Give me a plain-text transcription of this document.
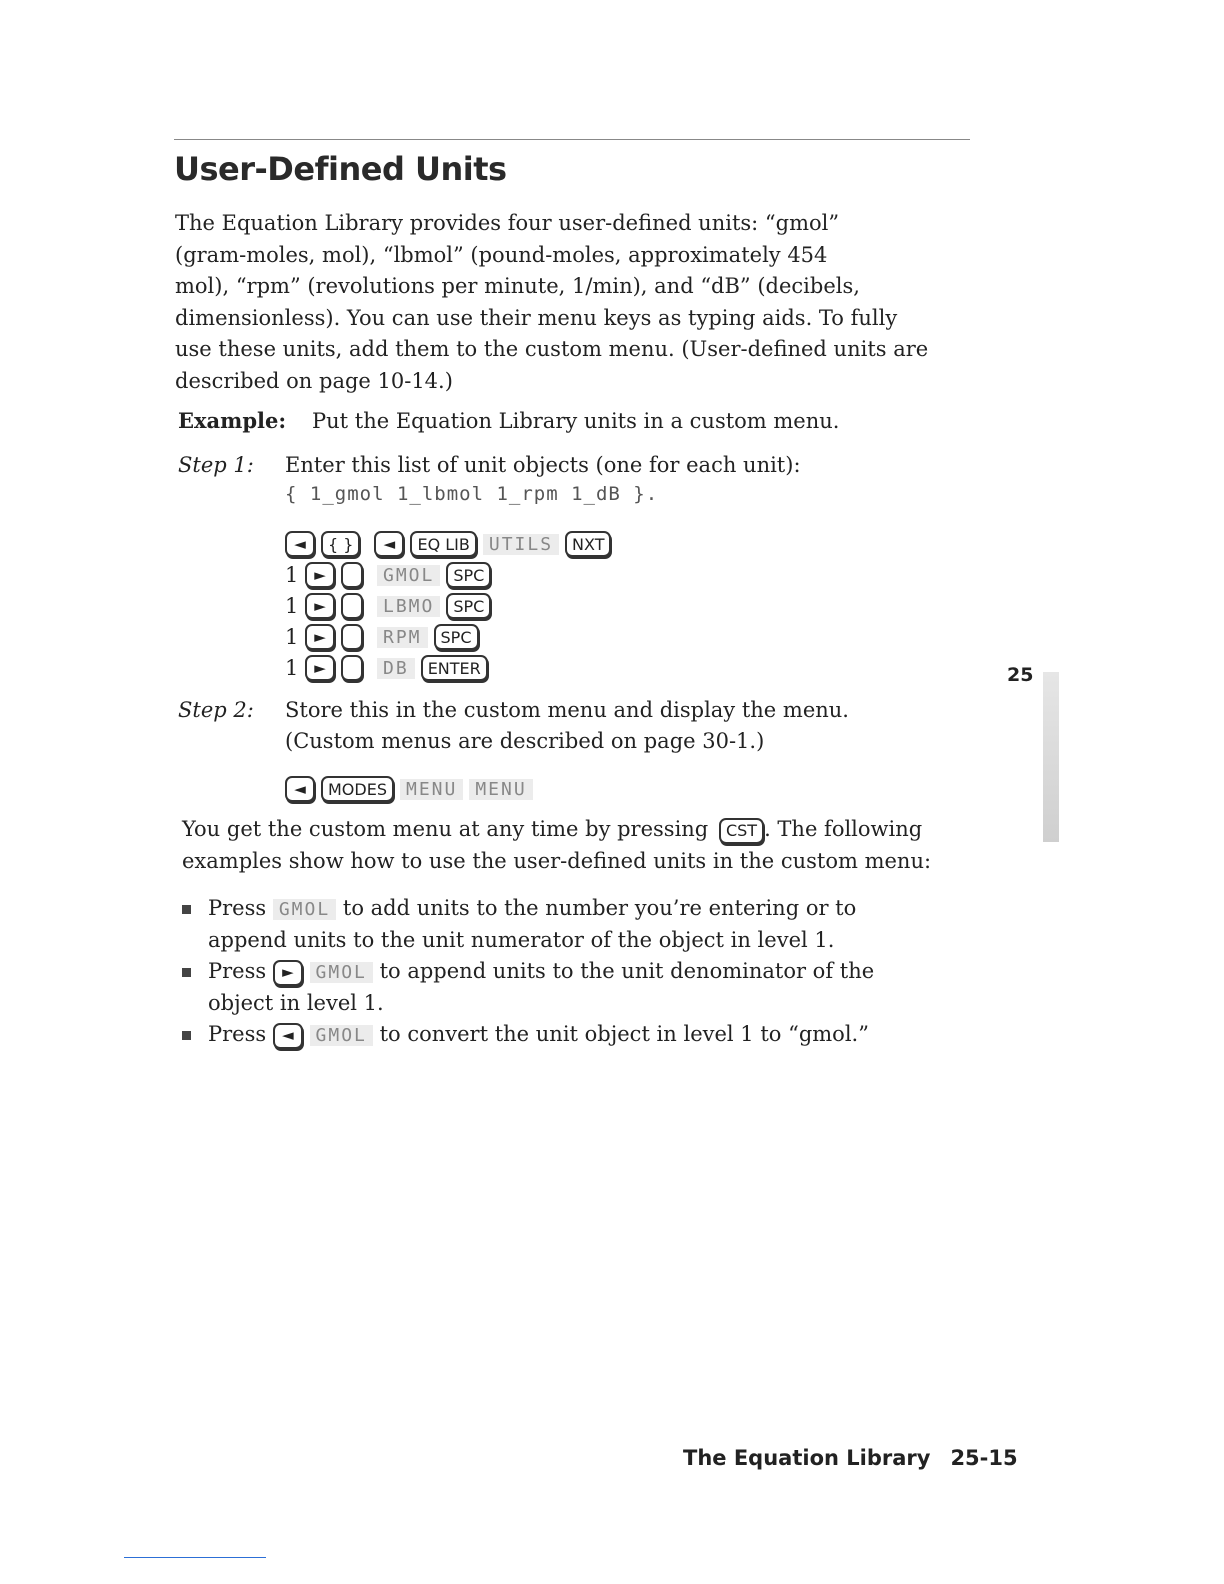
User-Defined Units

The Equation Library provides four user-defined units: “gmol”
(gram-moles, mol), “lbmol” (pound-moles, approximately 454
mol), “rpm” (revolutions per minute, 1/min), and “dB” (decibels,
dimensionless). You can use their menu keys as typing aids. To fully
use these units, add them to the custom menu. (User-defined units are
described on page 10-14.)

Example: Put the Equation Library units in a custom menu.
Step 1: Enter this list of unit objects (one for each unit):
{ 1_gmol 1_lbmol 1_rpm 1_dB }.
◄	{ }	◄	EQ LIB	UTILS	NXT
1	►	GMOL	SPC
1	►	LBMO	SPC
1	►	RPM	SPC
1	►	DB	ENTER
Step 2: Store this in the custom menu and display the menu.
(Custom menus are described on page 30-1.)
◄	MODES	MENU	MENU
You get the custom menu at any time by pressing CST . The following
examples show how to use the user-defined units in the custom menu:
Press GMOL to add units to the number you’re entering or to
append units to the unit numerator of the object in level 1.
Press ► GMOL to append units to the unit denominator of the
object in level 1.
Press ◄ GMOL to convert the unit object in level 1 to “gmol.”
25
The Equation Library 25-15
